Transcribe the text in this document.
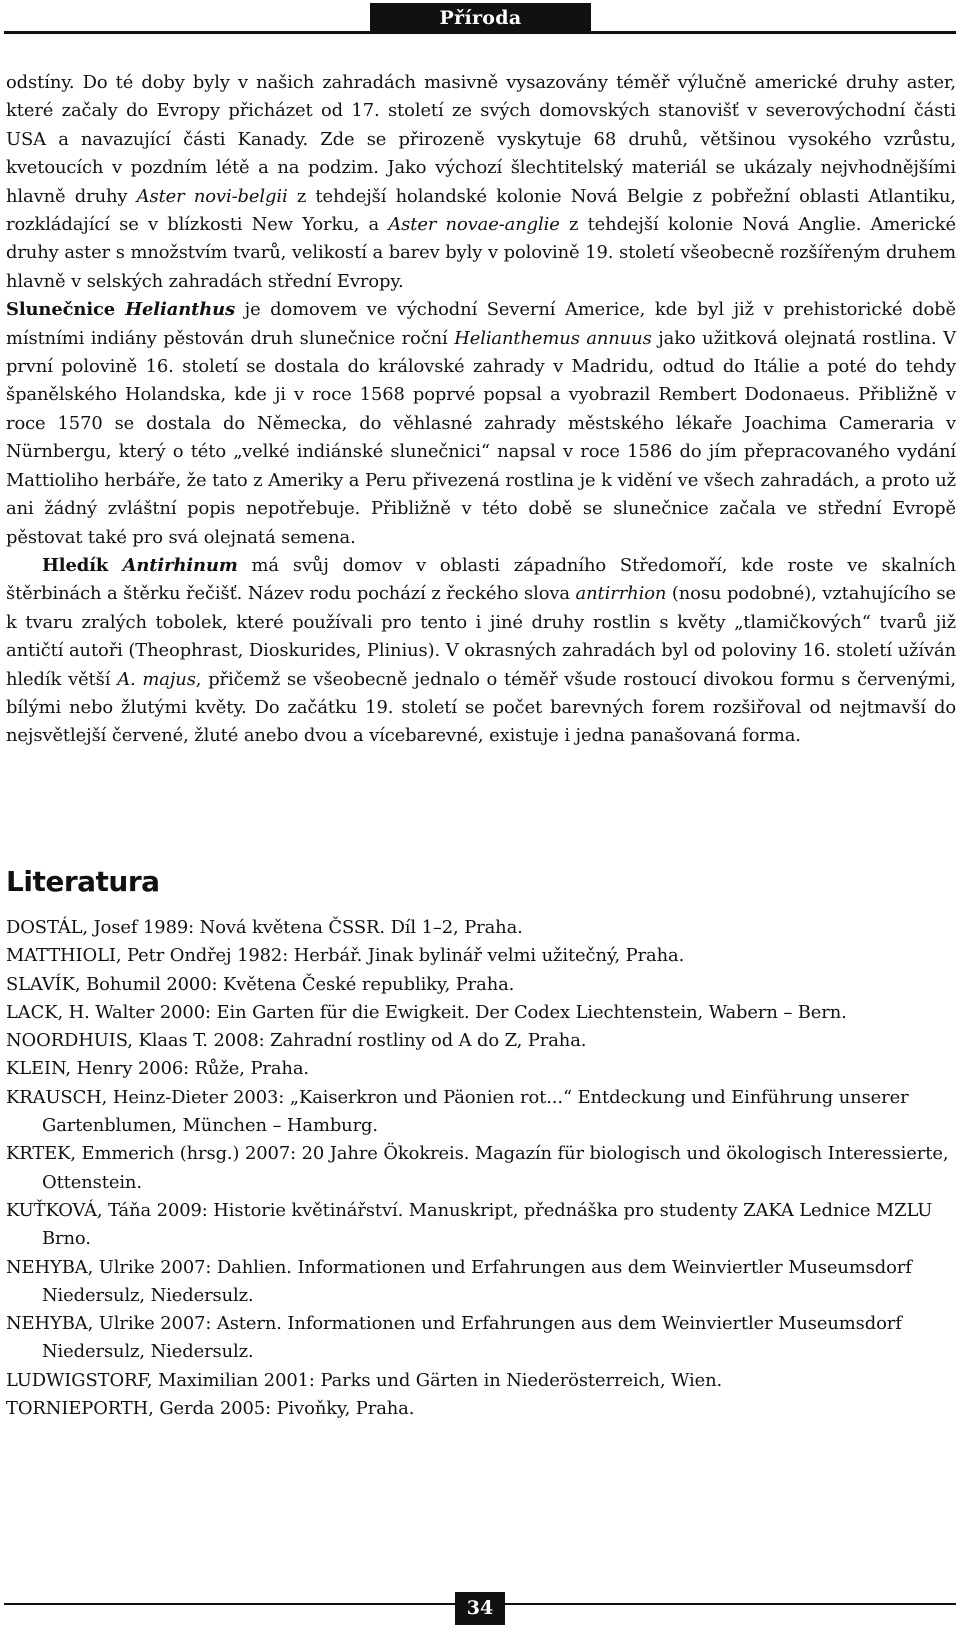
Příroda

odstíny. Do té doby byly v našich zahradách masivně vysazovány téměř výlučně americké druhy aster, které začaly do Evropy přicházet od 17. století ze svých domovských stanovišť v severovýchodní části USA a navazující části Kanady. Zde se přirozeně vyskytuje 68 druhů, většinou vysokého vzrůstu, kvetoucích v pozdním létě a na podzim. Jako výchozí šlechtitelský materiál se ukázaly nejvhodnějšími hlavně druhy Aster novi-belgii z tehdejší holandské kolonie Nová Belgie z pobřežní oblasti Atlantiku, rozkládající se v blízkosti New Yorku, a Aster novae-anglie z tehdejší kolonie Nová Anglie. Americké druhy aster s množstvím tvarů, velikostí a barev byly v polovině 19. století všeobecně rozšířeným druhem hlavně v selských zahradách střední Evropy.

Slunečnice Helianthus je domovem ve východní Severní Americe, kde byl již v prehistorické době místními indiány pěstován druh slunečnice roční Helianthemus annuus jako užitková olejnatá rostlina. V první polovině 16. století se dostala do královské zahrady v Madridu, odtud do Itálie a poté do tehdy španělského Holandska, kde ji v roce 1568 poprvé popsal a vyobrazil Rembert Dodonaeus. Přibližně v roce 1570 se dostala do Německa, do věhlasné zahrady městského lékaře Joachima Cameraria v Nürnbergu, který o této „velké indiánské slunečnici“ napsal v roce 1586 do jím přepracovaného vydání Mattioliho herbáře, že tato z Ameriky a Peru přivezená rostlina je k vidění ve všech zahradách, a proto už ani žádný zvláštní popis nepotřebuje. Přibližně v této době se slunečnice začala ve střední Evropě pěstovat také pro svá olejnatá semena.

Hledík Antirhinum má svůj domov v oblasti západního Středomoří, kde roste ve skalních štěrbinách a štěrku řečišť. Název rodu pochází z řeckého slova antirrhion (nosu podobné), vztahujícího se k tvaru zralých tobolek, které používali pro tento i jiné druhy rostlin s květy „tlamičkových“ tvarů již antičtí autoři (Theophrast, Dioskurides, Plinius). V okrasných zahradách byl od poloviny 16. století užíván hledík větší A. majus, přičemž se všeobecně jednalo o téměř všude rostoucí divokou formu s červenými, bílými nebo žlutými květy. Do začátku 19. století se počet barevných forem rozšiřoval od nejtmavší do nejsvětlejší červené, žluté anebo dvou a vícebarevné, existuje i jedna panašovaná forma.

Literatura
DOSTÁL, Josef 1989: Nová květena ČSSR. Díl 1–2, Praha.
MATTHIOLI, Petr Ondřej 1982: Herbář. Jinak bylinář velmi užitečný, Praha.
SLAVÍK, Bohumil 2000: Květena České republiky, Praha.
LACK, H. Walter 2000: Ein Garten für die Ewigkeit. Der Codex Liechtenstein, Wabern – Bern.
NOORDHUIS, Klaas T. 2008: Zahradní rostliny od A do Z, Praha.
KLEIN, Henry 2006: Růže, Praha.
KRAUSCH, Heinz-Dieter 2003: „Kaiserkron und Päonien rot...“ Entdeckung und Einführung unserer Gartenblumen, München – Hamburg.
KRTEK, Emmerich (hrsg.) 2007: 20 Jahre Ökokreis. Magazín für biologisch und ökologisch Interessierte, Ottenstein.
KUŤKOVÁ, Táňa 2009: Historie květinářství. Manuskript, přednáška pro studenty ZAKA Lednice MZLU Brno.
NEHYBA, Ulrike 2007: Dahlien. Informationen und Erfahrungen aus dem Weinviertler Museumsdorf Niedersulz, Niedersulz.
NEHYBA, Ulrike 2007: Astern. Informationen und Erfahrungen aus dem Weinviertler Museumsdorf Niedersulz, Niedersulz.
LUDWIGSTORF, Maximilian 2001: Parks und Gärten in Niederösterreich, Wien.
TORNIEPORTH, Gerda 2005: Pivoňky, Praha.
34
